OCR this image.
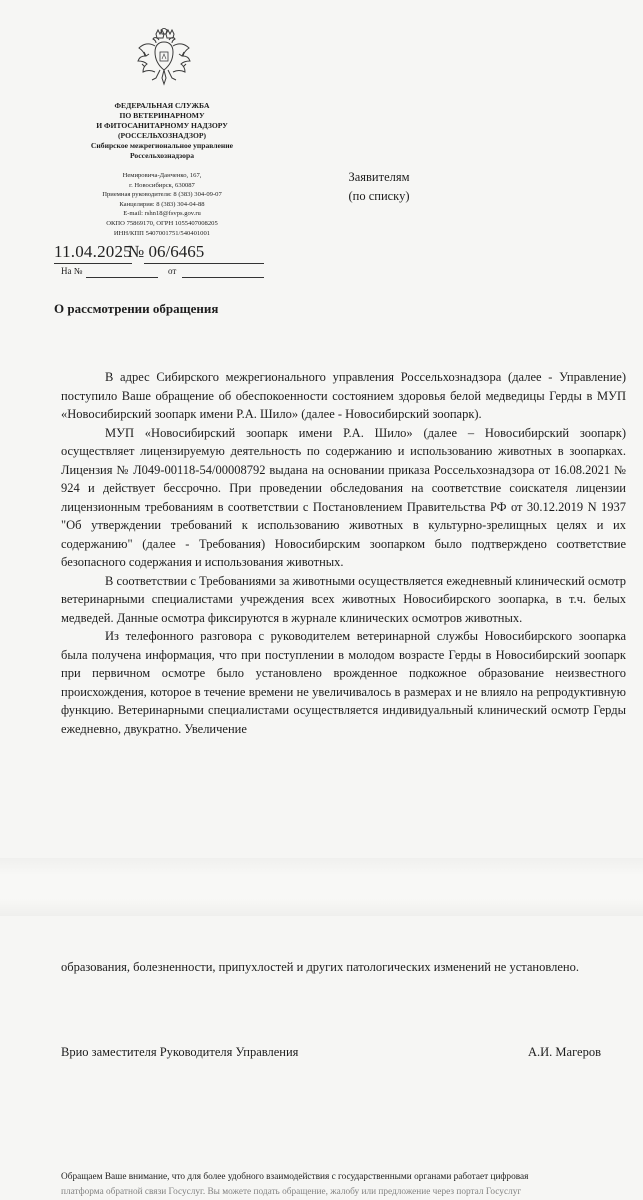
ФЕДЕРАЛЬНАЯ СЛУЖБА
ПО ВЕТЕРИНАРНОМУ
И ФИТОСАНИТАРНОМУ НАДЗОРУ
(РОССЕЛЬХОЗНАДЗОР)
Сибирское межрегиональное управление
Россельхознадзора
Немировича-Данченко, 167,
г. Новосибирск, 630087
Приемная руководителя: 8 (383) 304-09-07
Канцелярия: 8 (383) 304-04-88
E-mail: rshn18@fsvps.gov.ru
ОКПО 75869170, ОГРН 1055407008205
ИНН/КПП 5407001751/540401001
Заявителям
(по списку)
11.04.2025
№ 06/6465
На №	от
О рассмотрении обращения

В адрес Сибирского межрегионального управления Россельхознадзора (далее - Управление) поступило Ваше обращение об обеспокоенности состоянием здоровья белой медведицы Герды в МУП «Новосибирский зоопарк имени Р.А. Шило» (далее - Новосибирский зоопарк).

МУП «Новосибирский зоопарк имени Р.А. Шило» (далее – Новосибирский зоопарк) осуществляет лицензируемую деятельность по содержанию и использованию животных в зоопарках. Лицензия № Л049-00118-54/00008792 выдана на основании приказа Россельхознадзора от 16.08.2021 № 924 и действует бессрочно. При проведении обследования на соответствие соискателя лицензии лицензионным требованиям в соответствии с Постановлением Правительства РФ от 30.12.2019 N 1937 "Об утверждении требований к использованию животных в культурно-зрелищных целях и их содержанию" (далее - Требования) Новосибирским зоопарком было подтверждено соответствие безопасного содержания и использования животных.

В соответствии с Требованиями за животными осуществляется ежедневный клинический осмотр ветеринарными специалистами учреждения всех животных Новосибирского зоопарка, в т.ч. белых медведей. Данные осмотра фиксируются в журнале клинических осмотров животных.

Из телефонного разговора с руководителем ветеринарной службы Новосибирского зоопарка была получена информация, что при поступлении в молодом возрасте Герды в Новосибирский зоопарк при первичном осмотре было установлено врожденное подкожное образование неизвестного происхождения, которое в течение времени не увеличивалось в размерах и не влияло на репродуктивную функцию. Ветеринарными специалистами осуществляется индивидуальный клинический осмотр Герды ежедневно, двукратно. Увеличение

образования, болезненности, припухлостей и других патологических изменений не установлено.
Врио заместителя Руководителя Управления	А.И. Магеров
Обращаем Ваше внимание, что для более удобного взаимодействия с государственными органами работает цифровая
платформа обратной связи Госуслуг. Вы можете подать обращение, жалобу или предложение через портал Госуслуг
